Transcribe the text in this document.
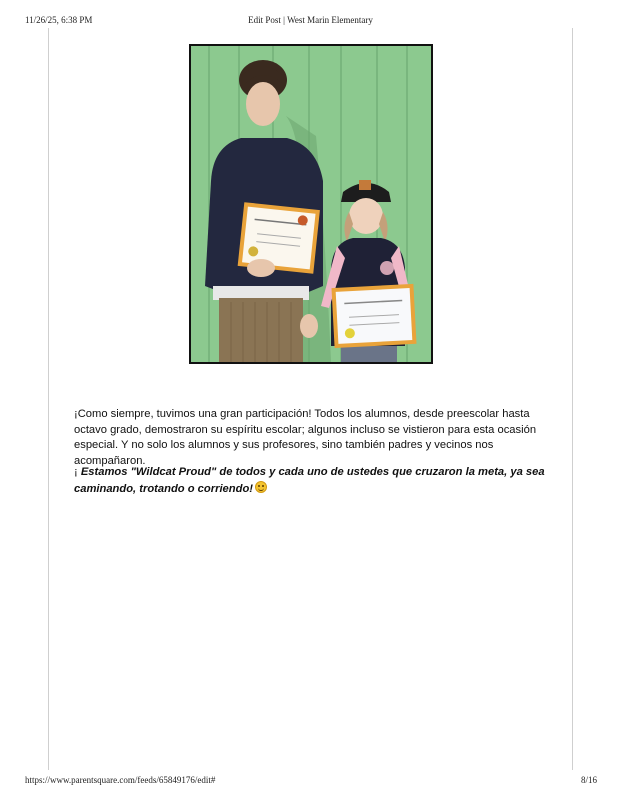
11/26/25, 6:38 PM	Edit Post | West Marin Elementary

¡Como siempre, tuvimos una gran participación! Todos los alumnos, desde preescolar hasta octavo grado, demostraron su espíritu escolar; algunos incluso se vistieron para esta ocasión especial. Y no solo los alumnos y sus profesores, sino también padres y vecinos nos acompañaron.

¡ Estamos "Wildcat Proud" de todos y cada uno de ustedes que cruzaron la meta, ya sea caminando, trotando o corriendo!

https://www.parentsquare.com/feeds/65849176/edit#	8/16
